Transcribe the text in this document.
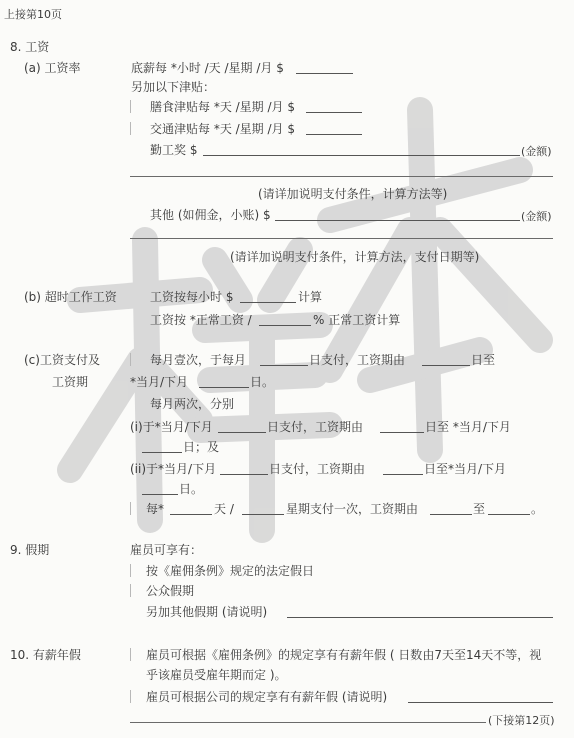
上接第10页
8. 工资
(a) 工资率	底薪每 *小时 /天 /星期 /月 $
另加以下津贴：
膳食津贴每 *天 /星期 /月 $
交通津贴每 *天 /星期 /月 $
勤工奖 $	(金额)
(请详加说明支付条件，计算方法等)
其他 (如佣金，小账) $	(金额)
(请详加说明支付条件，计算方法，支付日期等)
(b) 超时工作工资	工资按每小时 $	计算
工资按 *正常工资 /	% 正常工资计算
(c)工资支付及
工资期
每月壹次，于每月	日支付，工资期由	日至
*当月/下月	日。
每月两次，分别
(i)于*当月/下月	日支付，工资期由	日至 *当月/下月
日；及
(ii)于*当月/下月	日支付，工资期由	日至*当月/下月
日。
每*	天 /	星期支付一次，工资期由	至	。
9. 假期	雇员可享有：
按《雇佣条例》规定的法定假日
公众假期
另加其他假期 (请说明)
10. 有薪年假	雇员可根据《雇佣条例》的规定享有有薪年假 ( 日数由7天至14天不等，视
乎该雇员受雇年期而定 )。
雇员可根据公司的规定享有有薪年假 (请说明)
(下接第12页)
